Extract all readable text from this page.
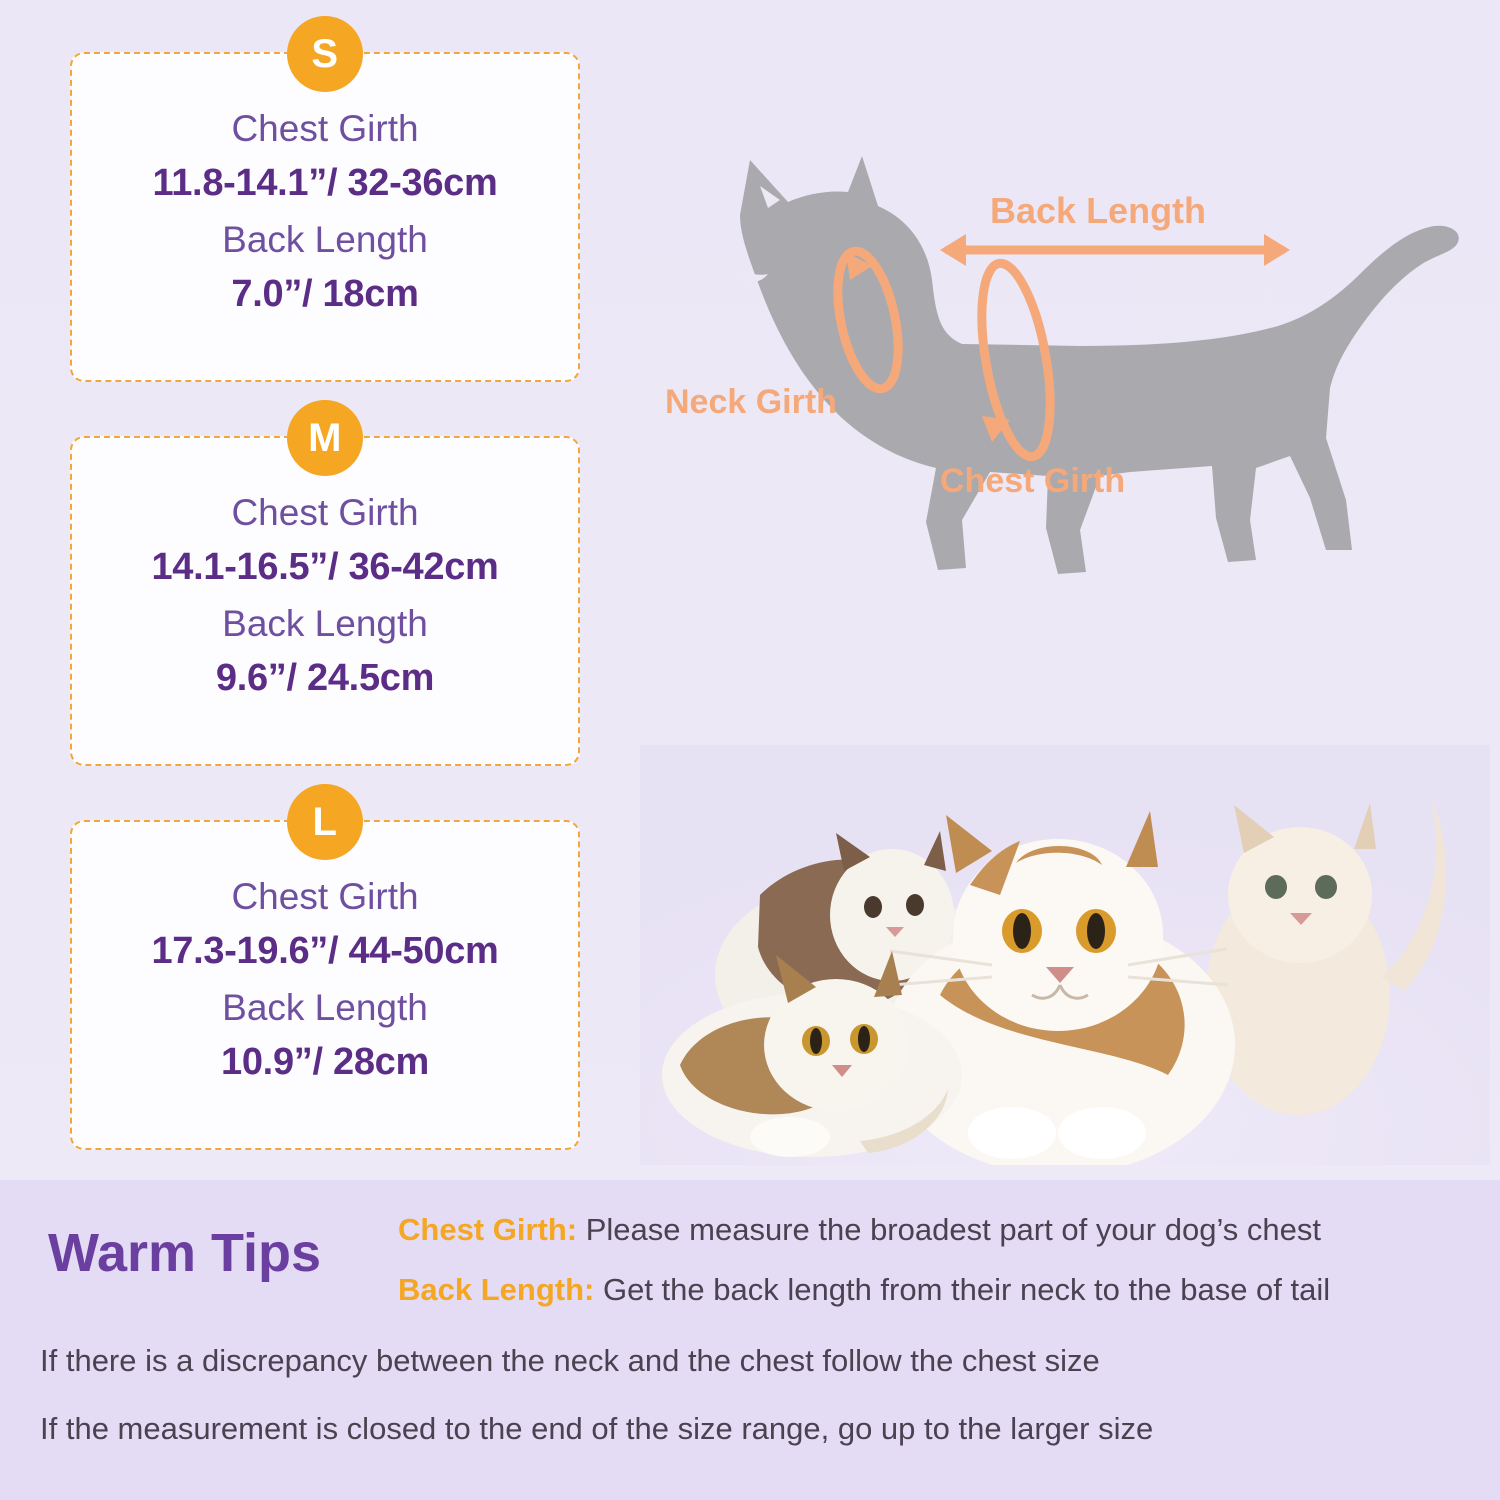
S
Chest Girth
11.8-14.1”/ 32-36cm
Back Length
7.0”/ 18cm
M
Chest Girth
14.1-16.5”/ 36-42cm
Back Length
9.6”/ 24.5cm
L
Chest Girth
17.3-19.6”/ 44-50cm
Back Length
10.9”/ 28cm
Back Length
Neck Girth
Chest Girth
Warm Tips Chest Girth: Please measure the broadest part of your dog’s chest
Back Length: Get the back length from their neck to the base of tail
If there is a discrepancy between the neck and the chest follow the chest size
If the measurement is closed to the end of the size range, go up to the larger size
